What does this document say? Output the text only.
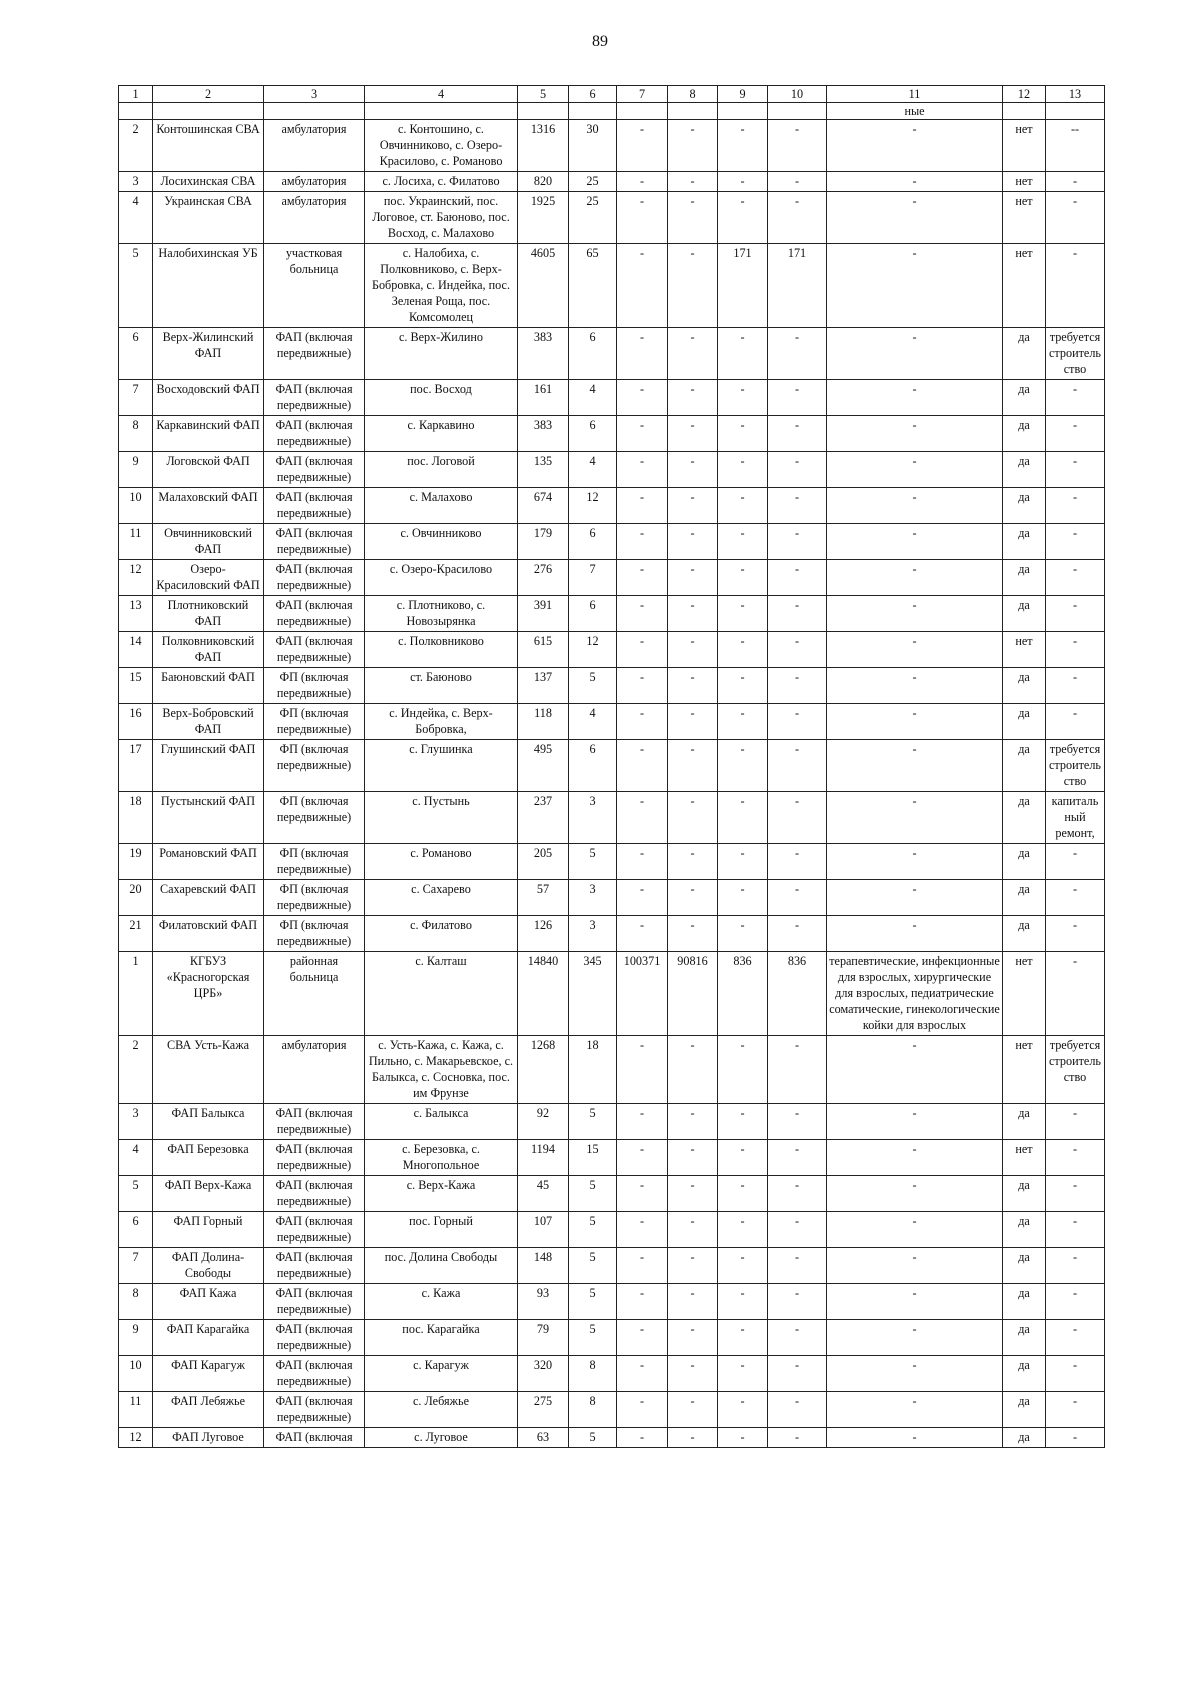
89
1	2	3	4	5	6	7	8	9	10	11	12	13
										ные		
2	Контошинская СВА	амбулатория	с. Контошино, с. Овчинниково, с. Озеро-Красилово, с. Романово	1316	30	-	-	-	-	-	нет	--
3	Лосихинская СВА	амбулатория	с. Лосиха, с. Филатово	820	25	-	-	-	-	-	нет	-
4	Украинская СВА	амбулатория	пос. Украинский, пос. Логовое, ст. Баюново, пос. Восход, с. Малахово	1925	25	-	-	-	-	-	нет	-
5	Налобихинская УБ	участковая больница	с. Налобиха, с. Полковниково, с. Верх-Бобровка, с. Индейка, пос. Зеленая Роща, пос. Комсомолец	4605	65	-	-	171	171	-	нет	-
6	Верх-Жилинский ФАП	ФАП (включая передвижные)	с. Верх-Жилино	383	6	-	-	-	-	-	да	требуется строительство
7	Восходовский ФАП	ФАП (включая передвижные)	пос. Восход	161	4	-	-	-	-	-	да	-
8	Каркавинский ФАП	ФАП (включая передвижные)	с. Каркавино	383	6	-	-	-	-	-	да	-
9	Логовской ФАП	ФАП (включая передвижные)	пос. Логовой	135	4	-	-	-	-	-	да	-
10	Малаховский ФАП	ФАП (включая передвижные)	с. Малахово	674	12	-	-	-	-	-	да	-
11	Овчинниковский ФАП	ФАП (включая передвижные)	с. Овчинниково	179	6	-	-	-	-	-	да	-
12	Озеро-Красиловский ФАП	ФАП (включая передвижные)	с. Озеро-Красилово	276	7	-	-	-	-	-	да	-
13	Плотниковский ФАП	ФАП (включая передвижные)	с. Плотниково, с. Новозырянка	391	6	-	-	-	-	-	да	-
14	Полковниковский ФАП	ФАП (включая передвижные)	с. Полковниково	615	12	-	-	-	-	-	нет	-
15	Баюновский ФАП	ФП (включая передвижные)	ст. Баюново	137	5	-	-	-	-	-	да	-
16	Верх-Бобровский ФАП	ФП (включая передвижные)	с. Индейка, с. Верх-Бобровка,	118	4	-	-	-	-	-	да	-
17	Глушинский ФАП	ФП (включая передвижные)	с. Глушинка	495	6	-	-	-	-	-	да	требуется строительство
18	Пустынский ФАП	ФП (включая передвижные)	с. Пустынь	237	3	-	-	-	-	-	да	капитальный ремонт,
19	Романовский ФАП	ФП (включая передвижные)	с. Романово	205	5	-	-	-	-	-	да	-
20	Сахаревский ФАП	ФП (включая передвижные)	с. Сахарево	57	3	-	-	-	-	-	да	-
21	Филатовский ФАП	ФП (включая передвижные)	с. Филатово	126	3	-	-	-	-	-	да	-
1	КГБУЗ «Красногорская ЦРБ»	районная больница	с. Калташ	14840	345	100371	90816	836	836	терапевтические, инфекционные для взрослых, хирургические для взрослых, педиатрические соматические, гинекологические койки для взрослых	нет	-
2	СВА Усть-Кажа	амбулатория	с. Усть-Кажа, с. Кажа, с. Пильно, с. Макарьевское, с. Балыкса, с. Сосновка, пос. им Фрунзе	1268	18	-	-	-	-	-	нет	требуется строительство
3	ФАП Балыкса	ФАП (включая передвижные)	с. Балыкса	92	5	-	-	-	-	-	да	-
4	ФАП Березовка	ФАП (включая передвижные)	с. Березовка, с. Многопольное	1194	15	-	-	-	-	-	нет	-
5	ФАП Верх-Кажа	ФАП (включая передвижные)	с. Верх-Кажа	45	5	-	-	-	-	-	да	-
6	ФАП Горный	ФАП (включая передвижные)	пос. Горный	107	5	-	-	-	-	-	да	-
7	ФАП Долина-Свободы	ФАП (включая передвижные)	пос. Долина Свободы	148	5	-	-	-	-	-	да	-
8	ФАП Кажа	ФАП (включая передвижные)	с. Кажа	93	5	-	-	-	-	-	да	-
9	ФАП Карагайка	ФАП (включая передвижные)	пос. Карагайка	79	5	-	-	-	-	-	да	-
10	ФАП Карагуж	ФАП (включая передвижные)	с. Карагуж	320	8	-	-	-	-	-	да	-
11	ФАП Лебяжье	ФАП (включая передвижные)	с. Лебяжье	275	8	-	-	-	-	-	да	-
12	ФАП Луговое	ФАП (включая	с. Луговое	63	5	-	-	-	-	-	да	-
